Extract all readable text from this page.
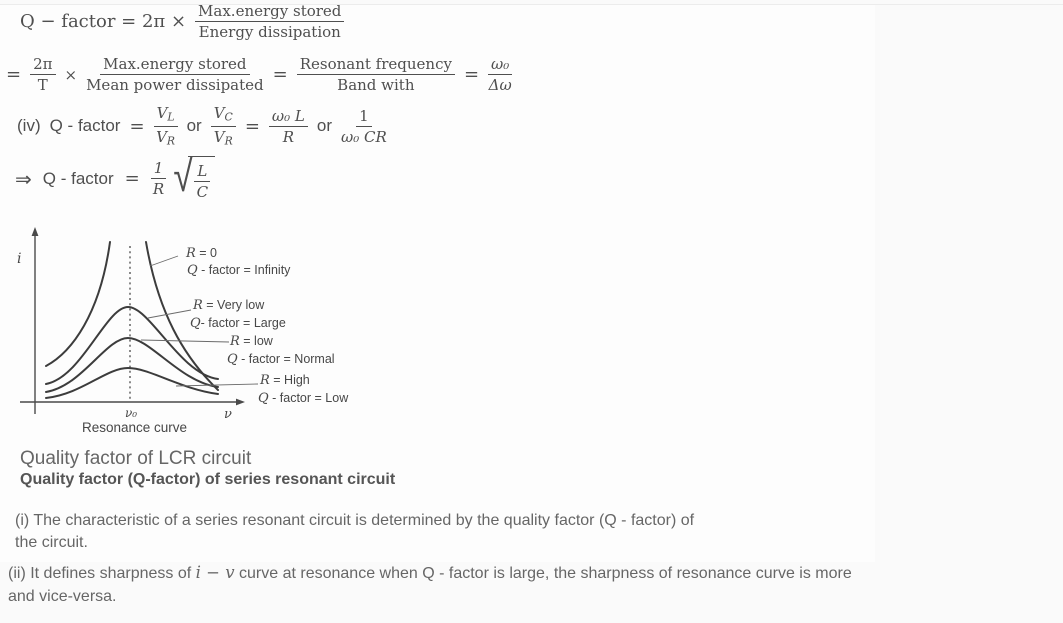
Q − factor = $2\pi \times \frac{\text{Max.energy stored}}{\text{Energy dissipation}}$
= $\frac{2\pi}{T} \times \frac{\text{Max.energy stored}}{\text{Mean power dissipated}} = \frac{\text{Resonant frequency}}{\text{Band with}} = \frac{\text{ω₀}}{\Delta\omega}$
(iv) Q - factor = $\frac{V_L}{V_R}$ or $\frac{V_C}{V_R} = \frac{\text{ω₀ L}}{R}$ or $\frac{1}{\text{ω₀ CR}}$
⇒ Q - factor = $\frac{1}{R}$ √ $\frac{L}{C}$
i	R = 0
Q - factor = Infinity
R = Very low
Q- factor = Large
R = low
Q - factor = Normal
R = High
Q - factor = Low
ν₀	ν
Resonance curve
Quality factor of LCR circuit
Quality factor (Q-factor) of series resonant circuit

(i) The characteristic of a series resonant circuit is determined by the quality factor (Q - factor) of
the circuit.

(ii) It defines sharpness of i − v curve at resonance when Q - factor is large, the sharpness of resonance curve is more
and vice-versa.
